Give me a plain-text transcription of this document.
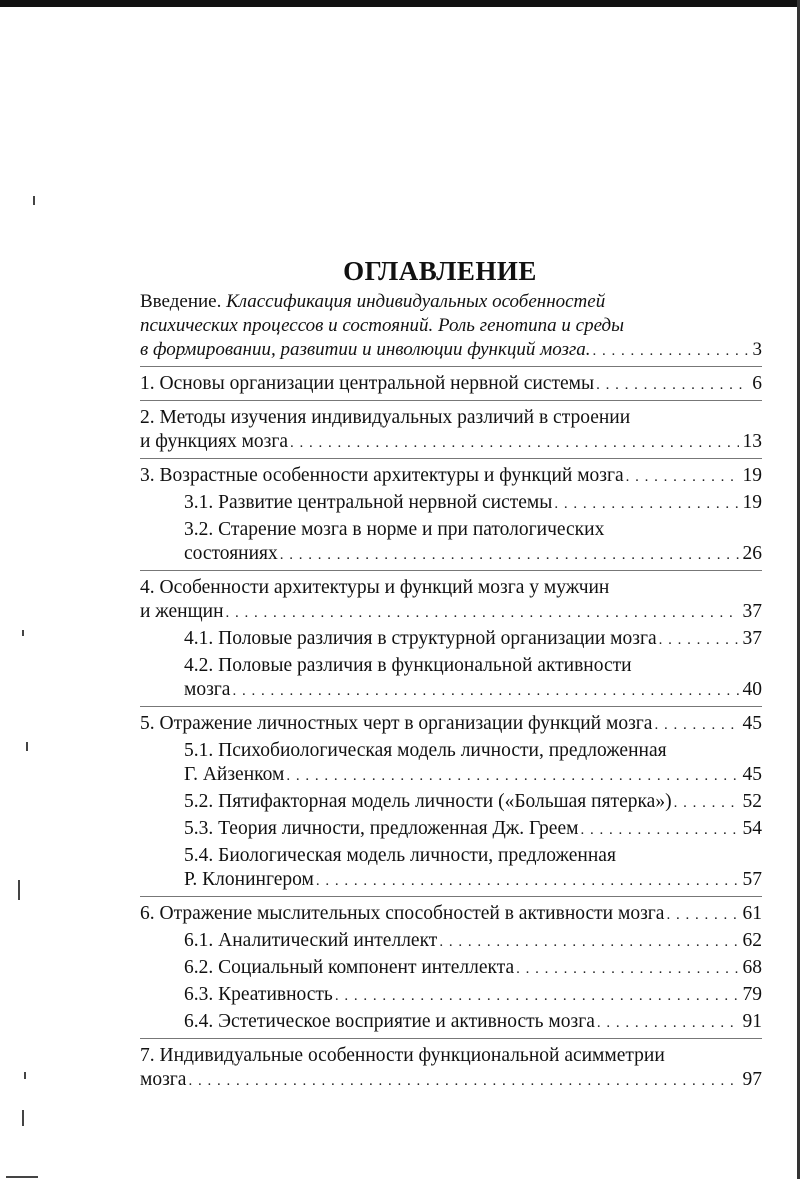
ОГЛАВЛЕНИЕ
Введение. Классификация индивидуальных особенностей
психических процессов и состояний. Роль генотипа и среды
в формировании, развитии и инволюции функций мозга. . . .	3
1. Основы организации центральной нервной системы . . .	6
2. Методы изучения индивидуальных различий в строении
и функциях мозга . . .	13
3. Возрастные особенности архитектуры и функций мозга . . .	19
3.1. Развитие центральной нервной системы . . .	19
3.2. Старение мозга в норме и при патологических
состояниях . . .	26
4. Особенности архитектуры и функций мозга у мужчин
и женщин . . .	37
4.1. Половые различия в структурной организации мозга . . .	37
4.2. Половые различия в функциональной активности
мозга . . .	40
5. Отражение личностных черт в организации функций мозга . . .	45
5.1. Психобиологическая модель личности, предложенная
Г. Айзенком . . .	45
5.2. Пятифакторная модель личности («Большая пятерка») . . .	52
5.3. Теория личности, предложенная Дж. Греем . . .	54
5.4. Биологическая модель личности, предложенная
Р. Клонингером . . .	57
6. Отражение мыслительных способностей в активности мозга . . .	61
6.1. Аналитический интеллект . . .	62
6.2. Социальный компонент интеллекта . . .	68
6.3. Креативность . . .	79
6.4. Эстетическое восприятие и активность мозга . . .	91
7. Индивидуальные особенности функциональной асимметрии
мозга . . .	97
